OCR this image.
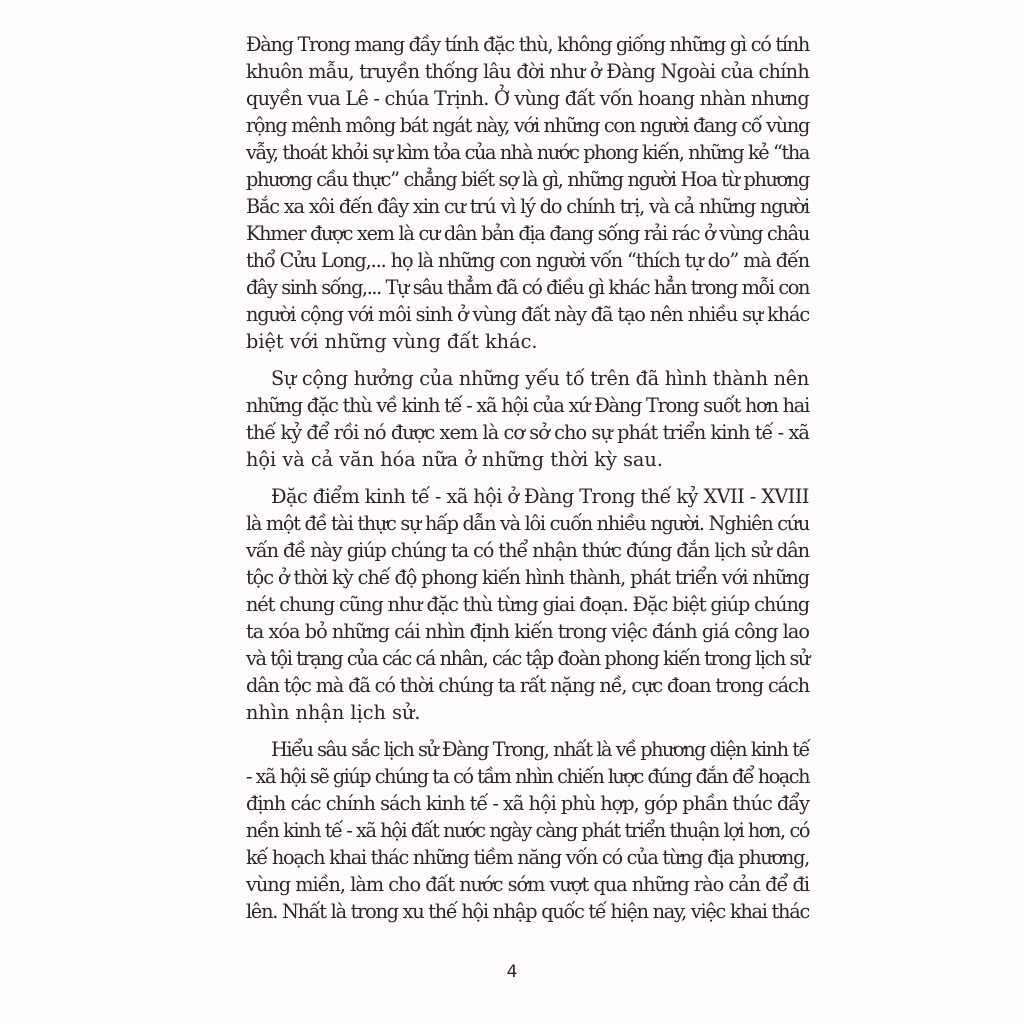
Đàng Trong mang đầy tính đặc thù, không giống những gì có tính
khuôn mẫu, truyền thống lâu đời như ở Đàng Ngoài của chính
quyền vua Lê - chúa Trịnh. Ở vùng đất vốn hoang nhàn nhưng
rộng mênh mông bát ngát này, với những con người đang cố vùng
vẫy, thoát khỏi sự kìm tỏa của nhà nước phong kiến, những kẻ “tha
phương cầu thực” chẳng biết sợ là gì, những người Hoa từ phương
Bắc xa xôi đến đây xin cư trú vì lý do chính trị, và cả những người
Khmer được xem là cư dân bản địa đang sống rải rác ở vùng châu
thổ Cửu Long,... họ là những con người vốn “thích tự do” mà đến
đây sinh sống,... Tự sâu thẳm đã có điều gì khác hẳn trong mỗi con
người cộng với môi sinh ở vùng đất này đã tạo nên nhiều sự khác
biệt với những vùng đất khác.

Sự cộng hưởng của những yếu tố trên đã hình thành nên
những đặc thù về kinh tế - xã hội của xứ Đàng Trong suốt hơn hai
thế kỷ để rồi nó được xem là cơ sở cho sự phát triển kinh tế - xã
hội và cả văn hóa nữa ở những thời kỳ sau.

Đặc điểm kinh tế - xã hội ở Đàng Trong thế kỷ XVII - XVIII
là một đề tài thực sự hấp dẫn và lôi cuốn nhiều người. Nghiên cứu
vấn đề này giúp chúng ta có thể nhận thức đúng đắn lịch sử dân
tộc ở thời kỳ chế độ phong kiến hình thành, phát triển với những
nét chung cũng như đặc thù từng giai đoạn. Đặc biệt giúp chúng
ta xóa bỏ những cái nhìn định kiến trong việc đánh giá công lao
và tội trạng của các cá nhân, các tập đoàn phong kiến trong lịch sử
dân tộc mà đã có thời chúng ta rất nặng nề, cực đoan trong cách
nhìn nhận lịch sử.

Hiểu sâu sắc lịch sử Đàng Trong, nhất là về phương diện kinh tế
- xã hội sẽ giúp chúng ta có tầm nhìn chiến lược đúng đắn để hoạch
định các chính sách kinh tế - xã hội phù hợp, góp phần thúc đẩy
nền kinh tế - xã hội đất nước ngày càng phát triển thuận lợi hơn, có
kế hoạch khai thác những tiềm năng vốn có của từng địa phương,
vùng miền, làm cho đất nước sớm vượt qua những rào cản để đi
lên. Nhất là trong xu thế hội nhập quốc tế hiện nay, việc khai thác

4
